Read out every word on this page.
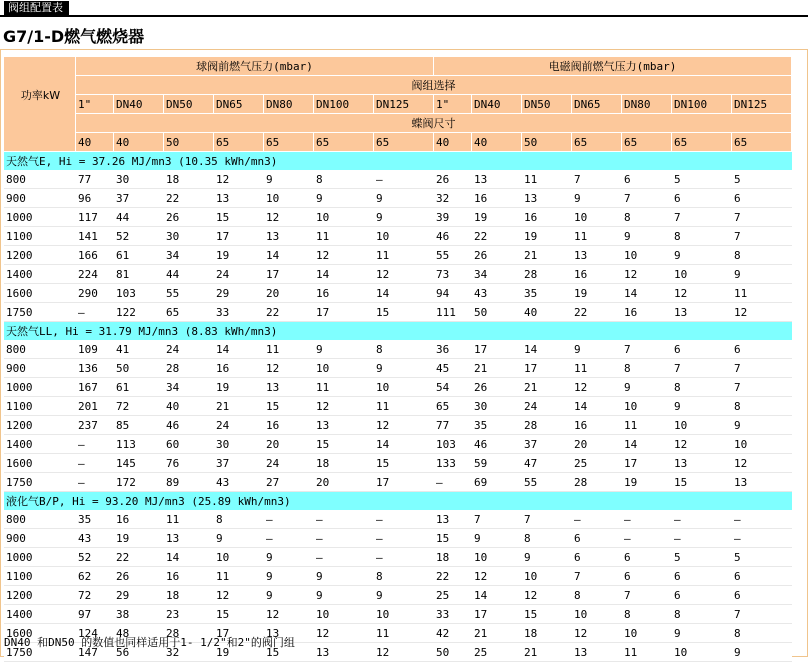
阀组配置表
G7/1-D燃气燃烧器
功率kW	球阀前燃气压力(mbar)							电磁阀前燃气压力(mbar)						
	阀组选择													
	1"	DN40	DN50	DN65	DN80	DN100	DN125	1"	DN40	DN50	DN65	DN80	DN100	DN125
	蝶阀尺寸													
	40	40	50	65	65	65	65	40	40	50	65	65	65	65
天然气E, Hi = 37.26 MJ/mn3 (10.35 kWh/mn3)														
800	77	30	18	12	9	8	—	26	13	11	7	6	5	5
900	96	37	22	13	10	9	9	32	16	13	9	7	6	6
1000	117	44	26	15	12	10	9	39	19	16	10	8	7	7
1100	141	52	30	17	13	11	10	46	22	19	11	9	8	7
1200	166	61	34	19	14	12	11	55	26	21	13	10	9	8
1400	224	81	44	24	17	14	12	73	34	28	16	12	10	9
1600	290	103	55	29	20	16	14	94	43	35	19	14	12	11
1750	—	122	65	33	22	17	15	111	50	40	22	16	13	12
天然气LL, Hi = 31.79 MJ/mn3 (8.83 kWh/mn3)														
800	109	41	24	14	11	9	8	36	17	14	9	7	6	6
900	136	50	28	16	12	10	9	45	21	17	11	8	7	7
1000	167	61	34	19	13	11	10	54	26	21	12	9	8	7
1100	201	72	40	21	15	12	11	65	30	24	14	10	9	8
1200	237	85	46	24	16	13	12	77	35	28	16	11	10	9
1400	—	113	60	30	20	15	14	103	46	37	20	14	12	10
1600	—	145	76	37	24	18	15	133	59	47	25	17	13	12
1750	—	172	89	43	27	20	17	—	69	55	28	19	15	13
液化气B/P, Hi = 93.20 MJ/mn3 (25.89 kWh/mn3)														
800	35	16	11	8	—	—	—	13	7	7	—	—	—	—
900	43	19	13	9	—	—	—	15	9	8	6	—	—	—
1000	52	22	14	10	9	—	—	18	10	9	6	6	5	5
1100	62	26	16	11	9	9	8	22	12	10	7	6	6	6
1200	72	29	18	12	9	9	9	25	14	12	8	7	6	6
1400	97	38	23	15	12	10	10	33	17	15	10	8	8	7
1600	124	48	28	17	13	12	11	42	21	18	12	10	9	8
1750	147	56	32	19	15	13	12	50	25	21	13	11	10	9
DN40 和DN50 的数值也同样适用于1- 1/2"和2"的阀门组
